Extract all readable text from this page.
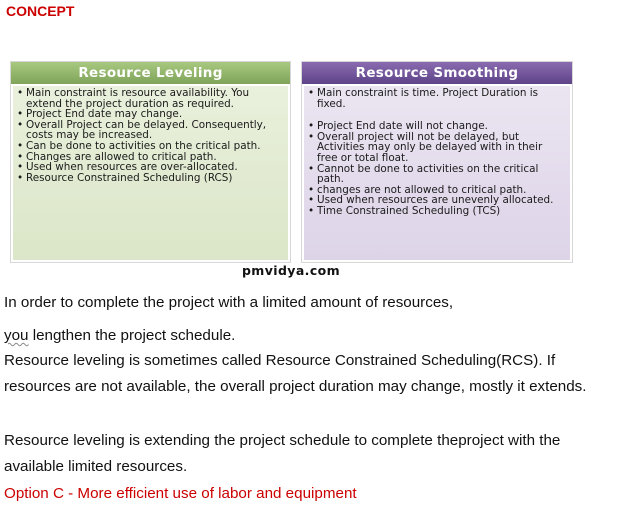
CONCEPT
Resource Leveling
• Main constraint is resource availability. You extend the project duration as required.
• Project End date may change.
• Overall Project can be delayed. Consequently, costs may be increased.
• Can be done to activities on the critical path.
• Changes are allowed to critical path.
• Used when resources are over-allocated.
• Resource Constrained Scheduling (RCS)
Resource Smoothing
• Main constraint is time. Project Duration is fixed.
• Project End date will not change.
• Overall project will not be delayed, but Activities may only be delayed with in their free or total float.
• Cannot be done to activities on the critical path.
• changes are not allowed to critical path.
• Used when resources are unevenly allocated.
• Time Constrained Scheduling (TCS)
pmvidya.com

In order to complete the project with a limited amount of resources,

you lengthen the project schedule.

Resource leveling is sometimes called Resource Constrained Scheduling(RCS). If resources are not available, the overall project duration may change, mostly it extends.

Resource leveling is extending the project schedule to complete theproject with the available limited resources.

Option C - More efficient use of labor and equipment
